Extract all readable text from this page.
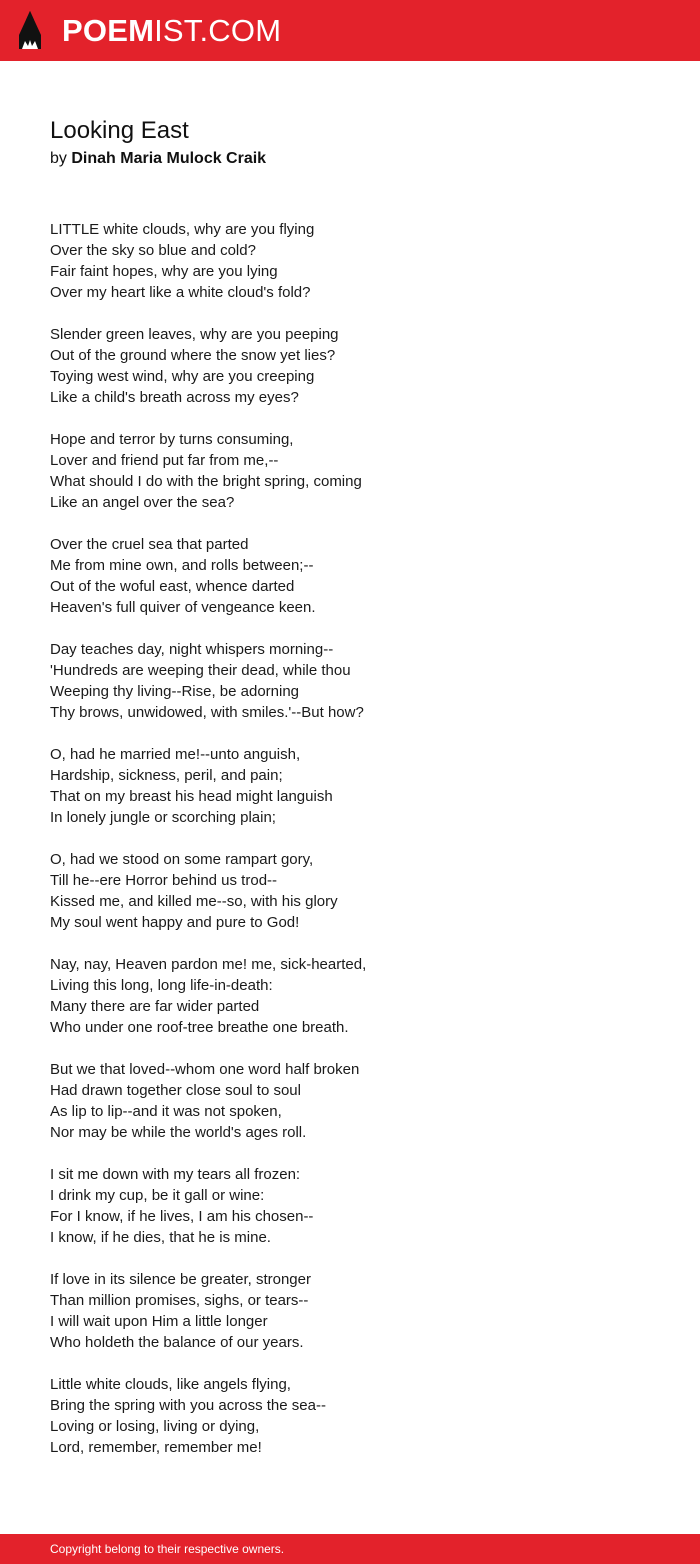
POEMIST.COM
Looking East
by Dinah Maria Mulock Craik

LITTLE white clouds, why are you flying
Over the sky so blue and cold?
Fair faint hopes, why are you lying
Over my heart like a white cloud's fold?

Slender green leaves, why are you peeping
Out of the ground where the snow yet lies?
Toying west wind, why are you creeping
Like a child's breath across my eyes?

Hope and terror by turns consuming,
Lover and friend put far from me,--
What should I do with the bright spring, coming
Like an angel over the sea?

Over the cruel sea that parted
Me from mine own, and rolls between;--
Out of the woful east, whence darted
Heaven's full quiver of vengeance keen.

Day teaches day, night whispers morning--
'Hundreds are weeping their dead, while thou
Weeping thy living--Rise, be adorning
Thy brows, unwidowed, with smiles.'--But how?

O, had he married me!--unto anguish,
Hardship, sickness, peril, and pain;
That on my breast his head might languish
In lonely jungle or scorching plain;

O, had we stood on some rampart gory,
Till he--ere Horror behind us trod--
Kissed me, and killed me--so, with his glory
My soul went happy and pure to God!

Nay, nay, Heaven pardon me! me, sick-hearted,
Living this long, long life-in-death:
Many there are far wider parted
Who under one roof-tree breathe one breath.

But we that loved--whom one word half broken
Had drawn together close soul to soul
As lip to lip--and it was not spoken,
Nor may be while the world's ages roll.

I sit me down with my tears all frozen:
I drink my cup, be it gall or wine:
For I know, if he lives, I am his chosen--
I know, if he dies, that he is mine.

If love in its silence be greater, stronger
Than million promises, sighs, or tears--
I will wait upon Him a little longer
Who holdeth the balance of our years.

Little white clouds, like angels flying,
Bring the spring with you across the sea--
Loving or losing, living or dying,
Lord, remember, remember me!

Copyright belong to their respective owners.
